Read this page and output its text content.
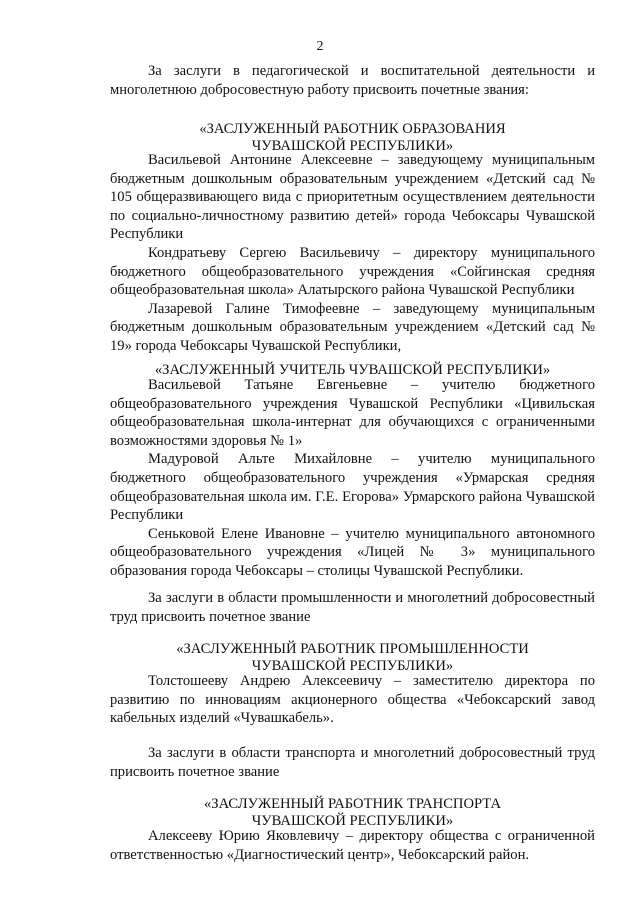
2

За заслуги в педагогической и воспитательной деятельности и многолетнюю добросовестную работу присвоить почетные звания:

«ЗАСЛУЖЕННЫЙ РАБОТНИК ОБРАЗОВАНИЯ
ЧУВАШСКОЙ РЕСПУБЛИКИ»

Васильевой Антонине Алексеевне – заведующему муниципальным бюджетным дошкольным образовательным учреждением «Детский сад № 105 общеразвивающего вида с приоритетным осуществлением деятельности по социально-личностному развитию детей» города Чебоксары Чувашской Республики

Кондратьеву Сергею Васильевичу – директору муниципального бюджетного общеобразовательного учреждения «Сойгинская средняя общеобразовательная школа» Алатырского района Чувашской Республики

Лазаревой Галине Тимофеевне – заведующему муниципальным бюджетным дошкольным образовательным учреждением «Детский сад № 19» города Чебоксары Чувашской Республики,

«ЗАСЛУЖЕННЫЙ УЧИТЕЛЬ ЧУВАШСКОЙ РЕСПУБЛИКИ»

Васильевой Татьяне Евгеньевне – учителю бюджетного общеобразовательного учреждения Чувашской Республики «Цивильская общеобразовательная школа-интернат для обучающихся с ограниченными возможностями здоровья № 1»

Мадуровой Альте Михайловне – учителю муниципального бюджетного общеобразовательного учреждения «Урмарская средняя общеобразовательная школа им. Г.Е. Егорова» Урмарского района Чувашской Республики

Сеньковой Елене Ивановне – учителю муниципального автономного общеобразовательного учреждения «Лицей № 3» муниципального образования города Чебоксары – столицы Чувашской Республики.

За заслуги в области промышленности и многолетний добросовестный труд присвоить почетное звание

«ЗАСЛУЖЕННЫЙ РАБОТНИК ПРОМЫШЛЕННОСТИ
ЧУВАШСКОЙ РЕСПУБЛИКИ»

Толстошееву Андрею Алексеевичу – заместителю директора по развитию по инновациям акционерного общества «Чебоксарский завод кабельных изделий «Чувашкабель».

За заслуги в области транспорта и многолетний добросовестный труд присвоить почетное звание

«ЗАСЛУЖЕННЫЙ РАБОТНИК ТРАНСПОРТА
ЧУВАШСКОЙ РЕСПУБЛИКИ»

Алексееву Юрию Яковлевичу – директору общества с ограниченной ответственностью «Диагностический центр», Чебоксарский район.
